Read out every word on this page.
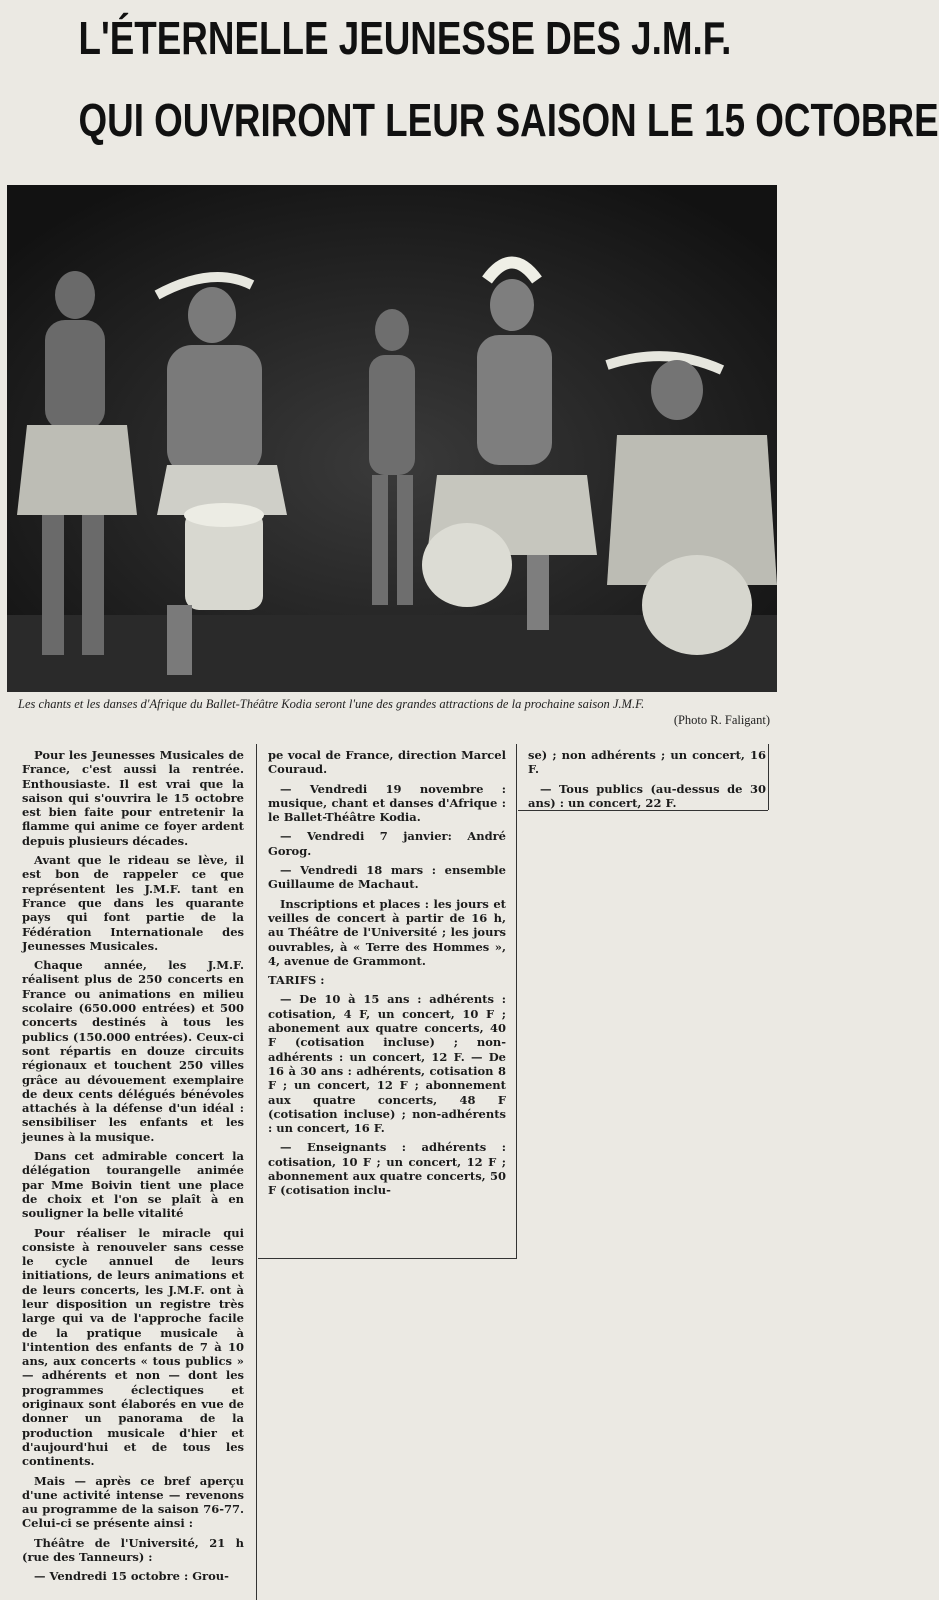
L'ÉTERNELLE JEUNESSE DES J.M.F.
QUI OUVRIRONT LEUR SAISON LE 15 OCTOBRE
Les chants et les danses d'Afrique du Ballet-Théâtre Kodia seront l'une des grandes attractions de la prochaine saison J.M.F.
(Photo R. Faligant)

Pour les Jeunesses Musicales de France, c'est aussi la rentrée. Enthousiaste. Il est vrai que la saison qui s'ouvrira le 15 octobre est bien faite pour entretenir la flamme qui anime ce foyer ardent depuis plusieurs décades.

Avant que le rideau se lève, il est bon de rappeler ce que représentent les J.M.F. tant en France que dans les quarante pays qui font partie de la Fédération Internationale des Jeunesses Musicales.

Chaque année, les J.M.F. réalisent plus de 250 concerts en France ou animations en milieu scolaire (650.000 entrées) et 500 concerts destinés à tous les publics (150.000 entrées). Ceux-ci sont répartis en douze circuits régionaux et touchent 250 villes grâce au dévouement exemplaire de deux cents délégués bénévoles attachés à la défense d'un idéal : sensibiliser les enfants et les jeunes à la musique.

Dans cet admirable concert la délégation tourangelle animée par Mme Boivin tient une place de choix et l'on se plaît à en souligner la belle vitalité

Pour réaliser le miracle qui consiste à renouveler sans cesse le cycle annuel de leurs initiations, de leurs animations et de leurs concerts, les J.M.F. ont à leur disposition un registre très large qui va de l'approche facile de la pratique musicale à l'intention des enfants de 7 à 10 ans, aux concerts « tous publics » — adhérents et non — dont les programmes éclectiques et originaux sont élaborés en vue de donner un panorama de la production musicale d'hier et d'aujourd'hui et de tous les continents.

Mais — après ce bref aperçu d'une activité intense — revenons au programme de la saison 76-77. Celui-ci se présente ainsi :

Théâtre de l'Université, 21 h (rue des Tanneurs) :

— Vendredi 15 octobre : Grou-

pe vocal de France, direction Marcel Couraud.

— Vendredi 19 novembre : musique, chant et danses d'Afrique : le Ballet-Théâtre Kodia.

— Vendredi 7 janvier: André Gorog.

— Vendredi 18 mars : ensemble Guillaume de Machaut.

Inscriptions et places : les jours et veilles de concert à partir de 16 h, au Théâtre de l'Université ; les jours ouvrables, à « Terre des Hommes », 4, avenue de Grammont.

TARIFS :

— De 10 à 15 ans : adhérents : cotisation, 4 F, un concert, 10 F ; abonement aux quatre concerts, 40 F (cotisation incluse) ; non-adhérents : un concert, 12 F. — De 16 à 30 ans : adhérents, cotisation 8 F ; un concert, 12 F ; abonnement aux quatre concerts, 48 F (cotisation incluse) ; non-adhérents : un concert, 16 F.

— Enseignants : adhérents : cotisation, 10 F ; un concert, 12 F ; abonnement aux quatre concerts, 50 F (cotisation inclu-

se) ; non adhérents ; un concert, 16 F.

— Tous publics (au-dessus de 30 ans) : un concert, 22 F.
